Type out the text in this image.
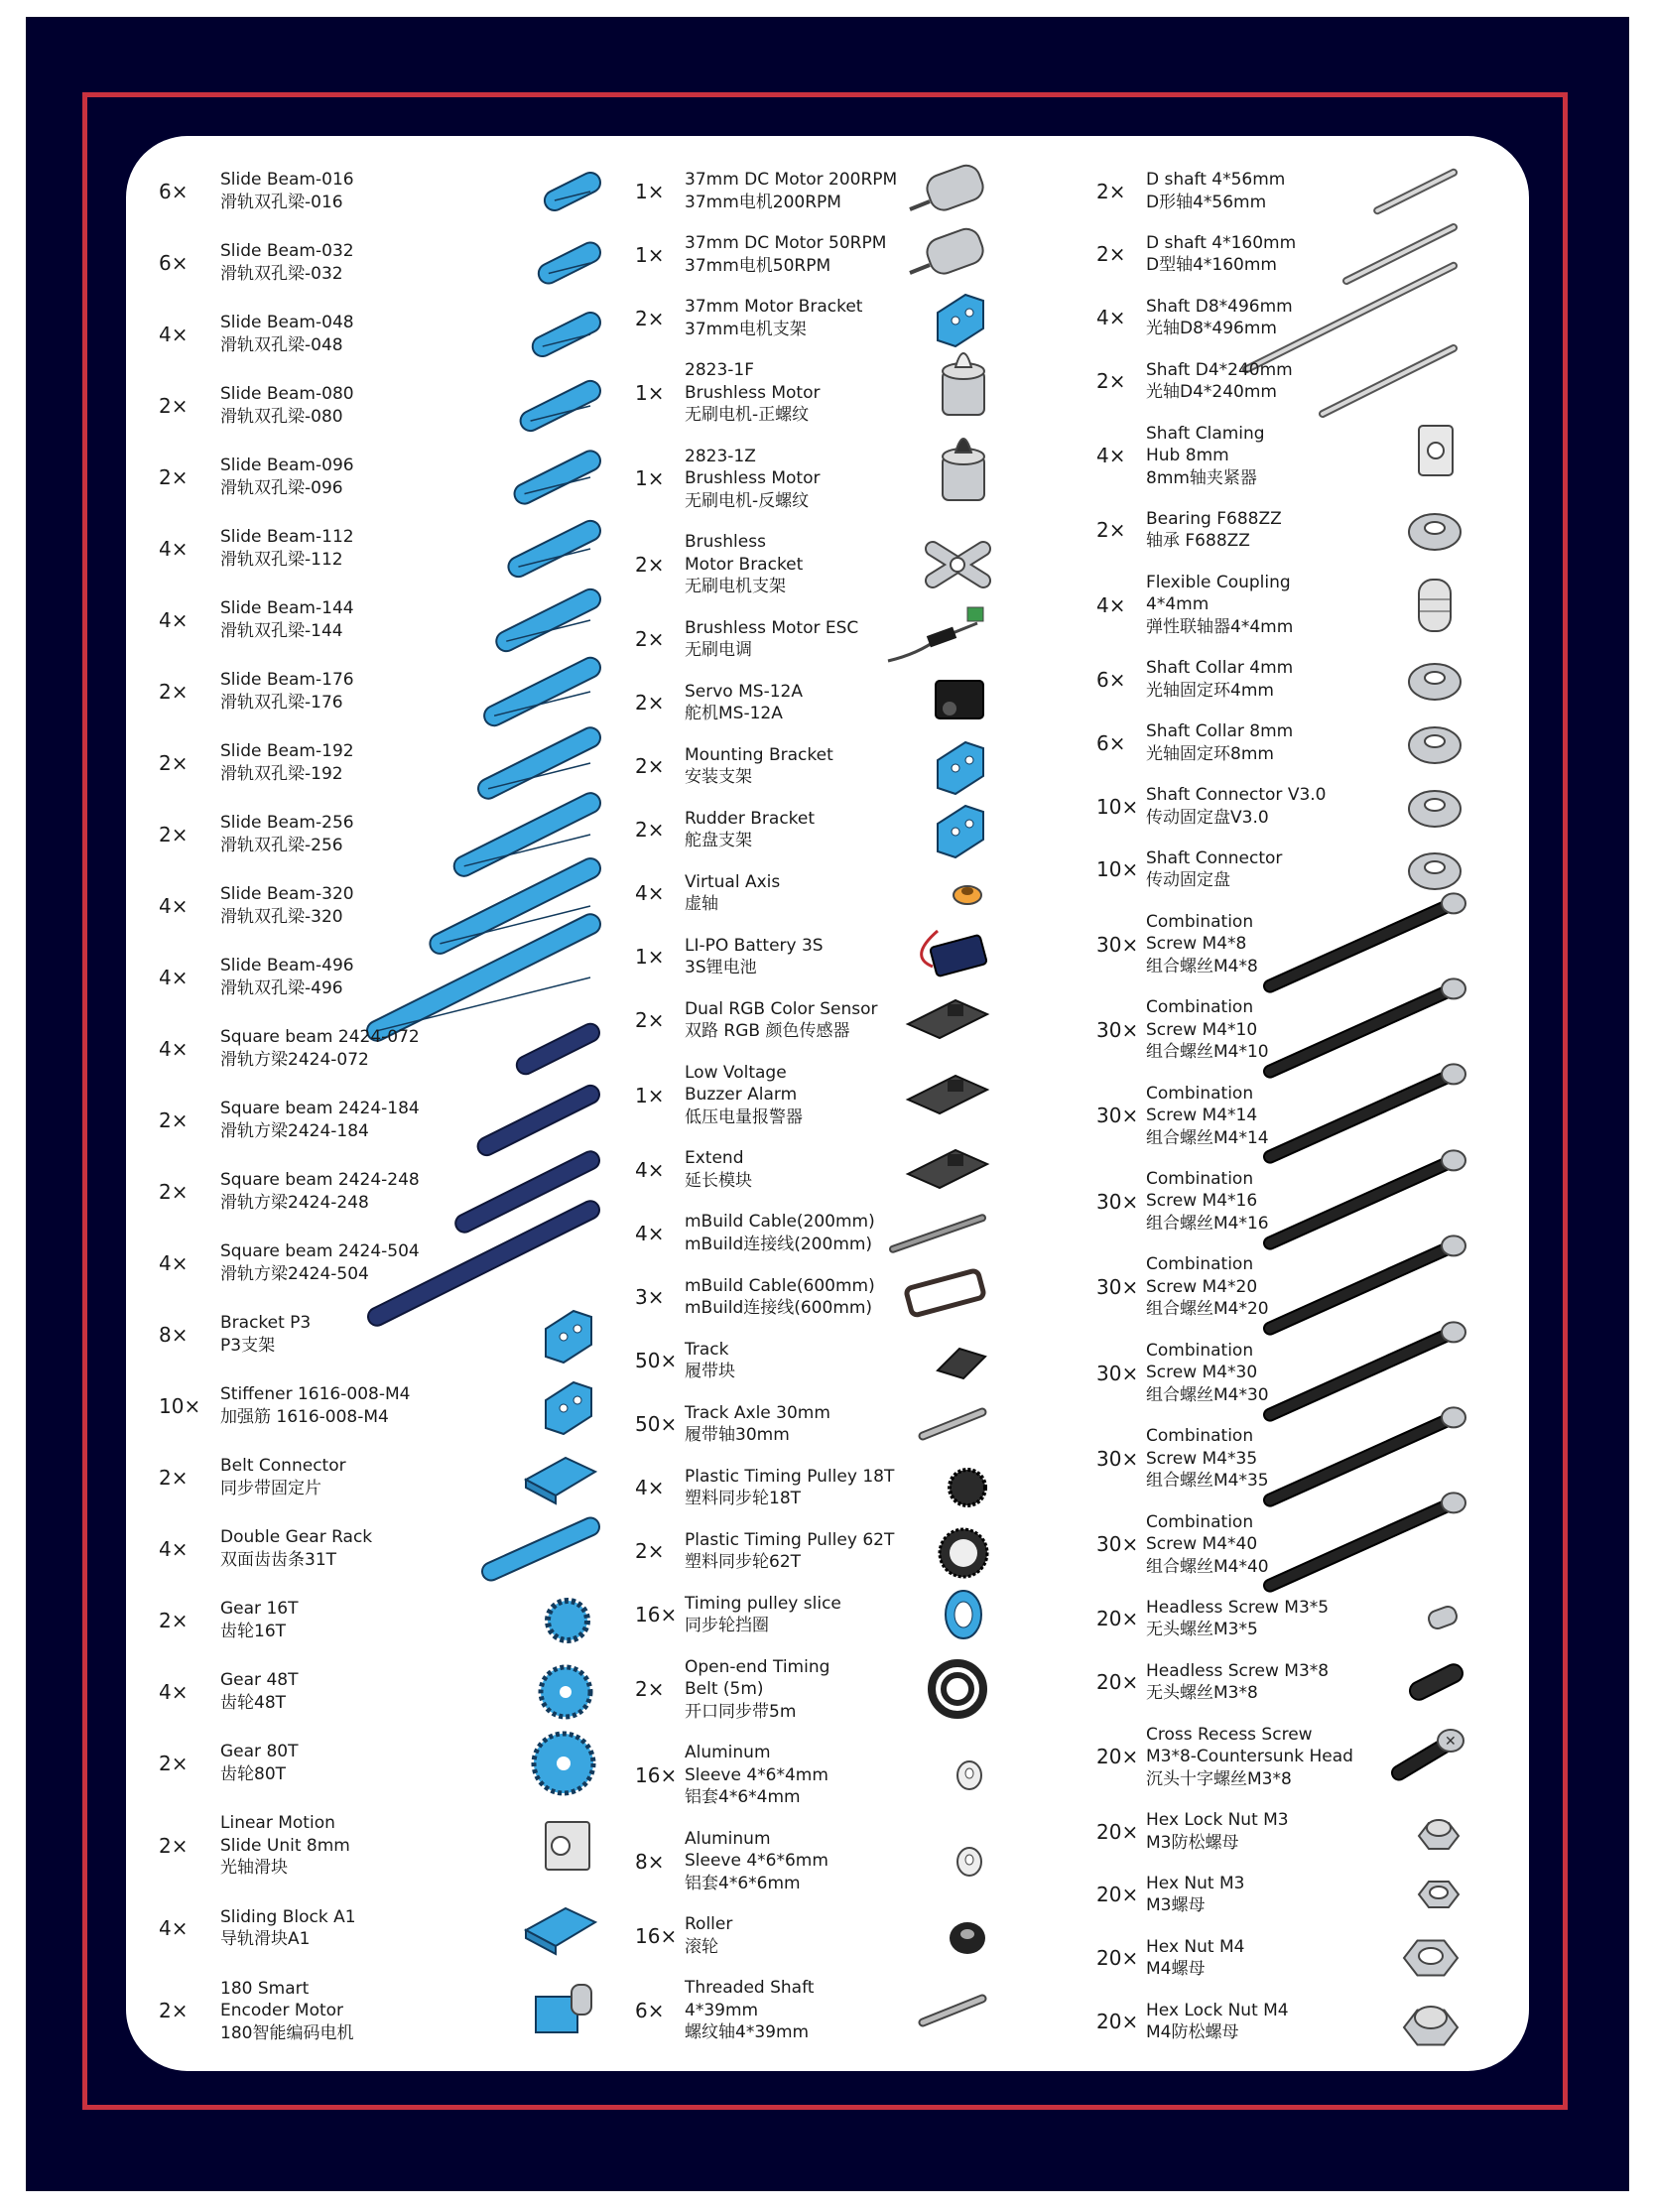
6×	Slide Beam-016
滑轨双孔梁-016
6×	Slide Beam-032
滑轨双孔梁-032
4×	Slide Beam-048
滑轨双孔梁-048
2×	Slide Beam-080
滑轨双孔梁-080
2×	Slide Beam-096
滑轨双孔梁-096
4×	Slide Beam-112
滑轨双孔梁-112
4×	Slide Beam-144
滑轨双孔梁-144
2×	Slide Beam-176
滑轨双孔梁-176
2×	Slide Beam-192
滑轨双孔梁-192
2×	Slide Beam-256
滑轨双孔梁-256
4×	Slide Beam-320
滑轨双孔梁-320
4×	Slide Beam-496
滑轨双孔梁-496
4×	Square beam 2424-072
滑轨方梁2424-072
2×	Square beam 2424-184
滑轨方梁2424-184
2×	Square beam 2424-248
滑轨方梁2424-248
4×	Square beam 2424-504
滑轨方梁2424-504
8×	Bracket P3
P3支架
10×	Stiffener 1616-008-M4
加强筋 1616-008-M4
2×	Belt Connector
同步带固定片
4×	Double Gear Rack
双面齿齿条31T
2×	Gear 16T
齿轮16T
4×	Gear 48T
齿轮48T
2×	Gear 80T
齿轮80T
2×
Linear Motion
Slide Unit 8mm
光轴滑块
4×	Sliding Block A1
导轨滑块A1
2×
180 Smart
Encoder Motor
180智能编码电机
1×	37mm DC Motor 200RPM
37mm电机200RPM
1×	37mm DC Motor 50RPM
37mm电机50RPM
2×	37mm Motor Bracket
37mm电机支架
1×
2823-1F
Brushless Motor
无刷电机-正螺纹
1×
2823-1Z
Brushless Motor
无刷电机-反螺纹
2×
Brushless
Motor Bracket
无刷电机支架
2×	Brushless Motor ESC
无刷电调
2×	Servo MS-12A
舵机MS-12A
2×	Mounting Bracket
安装支架
2×	Rudder Bracket
舵盘支架
4×	Virtual Axis
虚轴
1×	LI-PO Battery 3S
3S锂电池
2×	Dual RGB Color Sensor
双路 RGB 颜色传感器
1×
Low Voltage
Buzzer Alarm
低压电量报警器
4×	Extend
延长模块
4×	mBuild Cable(200mm)
mBuild连接线(200mm)
3×	mBuild Cable(600mm)
mBuild连接线(600mm)
50× Track
履带块
50× Track Axle 30mm
履带轴30mm
4×	Plastic Timing Pulley 18T
塑料同步轮18T
2×	Plastic Timing Pulley 62T
塑料同步轮62T
16× Timing pulley slice
同步轮挡圈
2×
Open-end Timing
Belt (5m)
开口同步带5m
16×
Aluminum
Sleeve 4*6*4mm
铝套4*6*4mm
8×
Aluminum
Sleeve 4*6*6mm
铝套4*6*6mm
16× Roller
滚轮
6×
Threaded Shaft
4*39mm
螺纹轴4*39mm
2×	D shaft 4*56mm
D形轴4*56mm
2×	D shaft 4*160mm
D型轴4*160mm
4×	Shaft D8*496mm
光轴D8*496mm
2×	Shaft D4*240mm
光轴D4*240mm
4×
Shaft Claming
Hub 8mm
8mm轴夹紧器
2×	Bearing F688ZZ
轴承 F688ZZ
4×
Flexible Coupling
4*4mm
弹性联轴器4*4mm
6×	Shaft Collar 4mm
光轴固定环4mm
6×	Shaft Collar 8mm
光轴固定环8mm
10× Shaft Connector V3.0
传动固定盘V3.0
10× Shaft Connector
传动固定盘
30×
Combination
Screw M4*8
组合螺丝M4*8
30×
Combination
Screw M4*10
组合螺丝M4*10
30×
Combination
Screw M4*14
组合螺丝M4*14
30×
Combination
Screw M4*16
组合螺丝M4*16
30×
Combination
Screw M4*20
组合螺丝M4*20
30×
Combination
Screw M4*30
组合螺丝M4*30
30×
Combination
Screw M4*35
组合螺丝M4*35
30×
Combination
Screw M4*40
组合螺丝M4*40
20× Headless Screw M3*5
无头螺丝M3*5
20× Headless Screw M3*8
无头螺丝M3*8
20×
Cross Recess Screw
M3*8-Countersunk Head
沉头十字螺丝M3*8
✕
20× Hex Lock Nut M3
M3防松螺母
20× Hex Nut M3
M3螺母
20× Hex Nut M4
M4螺母
20× Hex Lock Nut M4
M4防松螺母
